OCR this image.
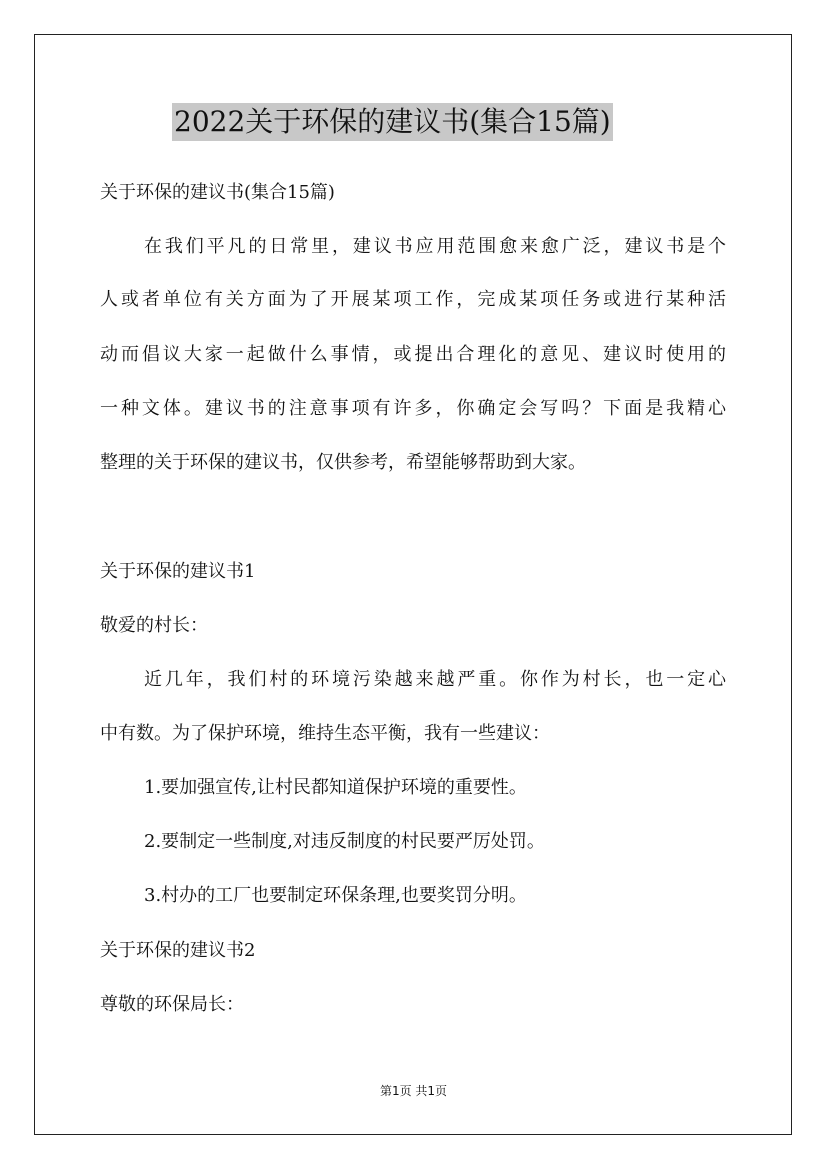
2022关于环保的建议书(集合15篇)
关于环保的建议书(集合15篇)
在我们平凡的日常里，建议书应用范围愈来愈广泛，建议书是个
人或者单位有关方面为了开展某项工作，完成某项任务或进行某种活
动而倡议大家一起做什么事情，或提出合理化的意见、建议时使用的
一种文体。建议书的注意事项有许多，你确定会写吗？下面是我精心
整理的关于环保的建议书，仅供参考，希望能够帮助到大家。
关于环保的建议书1
敬爱的村长：
近几年，我们村的环境污染越来越严重。你作为村长，也一定心
中有数。为了保护环境，维持生态平衡，我有一些建议：
1.要加强宣传,让村民都知道保护环境的重要性。
2.要制定一些制度,对违反制度的村民要严厉处罚。
3.村办的工厂也要制定环保条理,也要奖罚分明。
关于环保的建议书2
尊敬的环保局长：
第1页 共1页
